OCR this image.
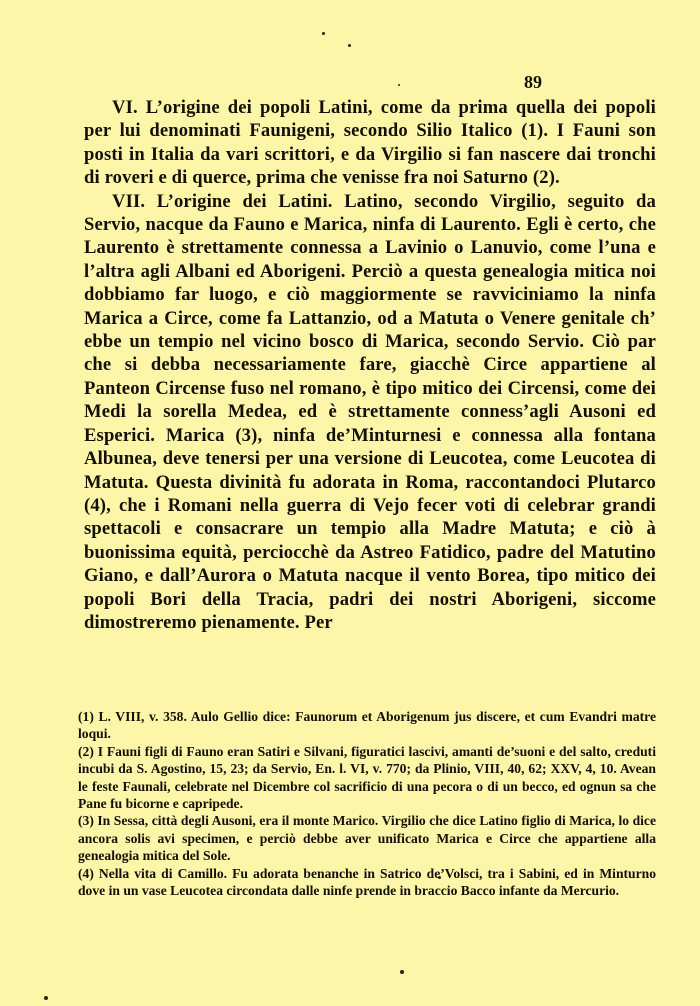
89

VI. L’origine dei popoli Latini, come da prima quella dei popoli per lui denominati Faunigeni, secondo Silio Italico (1). I Fauni son posti in Italia da vari scrittori, e da Virgilio si fan nascere dai tronchi di roveri e di querce, prima che venisse fra noi Saturno (2).

VII. L’origine dei Latini. Latino, secondo Virgilio, seguito da Servio, nacque da Fauno e Marica, ninfa di Laurento. Egli è certo, che Laurento è strettamente connessa a Lavinio o Lanuvio, come l’una e l’altra agli Albani ed Aborigeni. Perciò a questa genealogia mitica noi dobbiamo far luogo, e ciò maggiormente se ravviciniamo la ninfa Marica a Circe, come fa Lattanzio, od a Matuta o Venere genitale ch’ ebbe un tempio nel vicino bosco di Marica, secondo Servio. Ciò par che si debba necessariamente fare, giacchè Circe appartiene al Panteon Circense fuso nel romano, è tipo mitico dei Circensi, come dei Medi la sorella Medea, ed è strettamente conness’agli Ausoni ed Esperici. Marica (3), ninfa de’Minturnesi e connessa alla fontana Albunea, deve tenersi per una versione di Leucotea, come Leucotea di Matuta. Questa divinità fu adorata in Roma, raccontandoci Plutarco (4), che i Romani nella guerra di Vejo fecer voti di celebrar grandi spettacoli e consacrare un tempio alla Madre Matuta; e ciò à buonissima equità, perciocchè da Astreo Fatidico, padre del Matutino Giano, e dall’Aurora o Matuta nacque il vento Borea, tipo mitico dei popoli Bori della Tracia, padri dei nostri Aborigeni, siccome dimostreremo pienamente. Per

(1) L. VIII, v. 358. Aulo Gellio dice: Faunorum et Aborigenum jus discere, et cum Evandri matre loqui.

(2) I Fauni figli di Fauno eran Satiri e Silvani, figuratici lascivi, amanti de’suoni e del salto, creduti incubi da S. Agostino, 15, 23; da Servio, En. l. VI, v. 770; da Plinio, VIII, 40, 62; XXV, 4, 10. Avean le feste Faunali, celebrate nel Dicembre col sacrificio di una pecora o di un becco, ed ognun sa che Pane fu bicorne e capripede.

(3) In Sessa, città degli Ausoni, era il monte Marico. Virgilio che dice Latino figlio di Marica, lo dice ancora solis avi specimen, e perciò debbe aver unificato Marica e Circe che appartiene alla genealogia mitica del Sole.

(4) Nella vita di Camillo. Fu adorata benanche in Satrico de’Volsci, tra i Sabini, ed in Minturno dove in un vase Leucotea circondata dalle ninfe prende in braccio Bacco infante da Mercurio.
